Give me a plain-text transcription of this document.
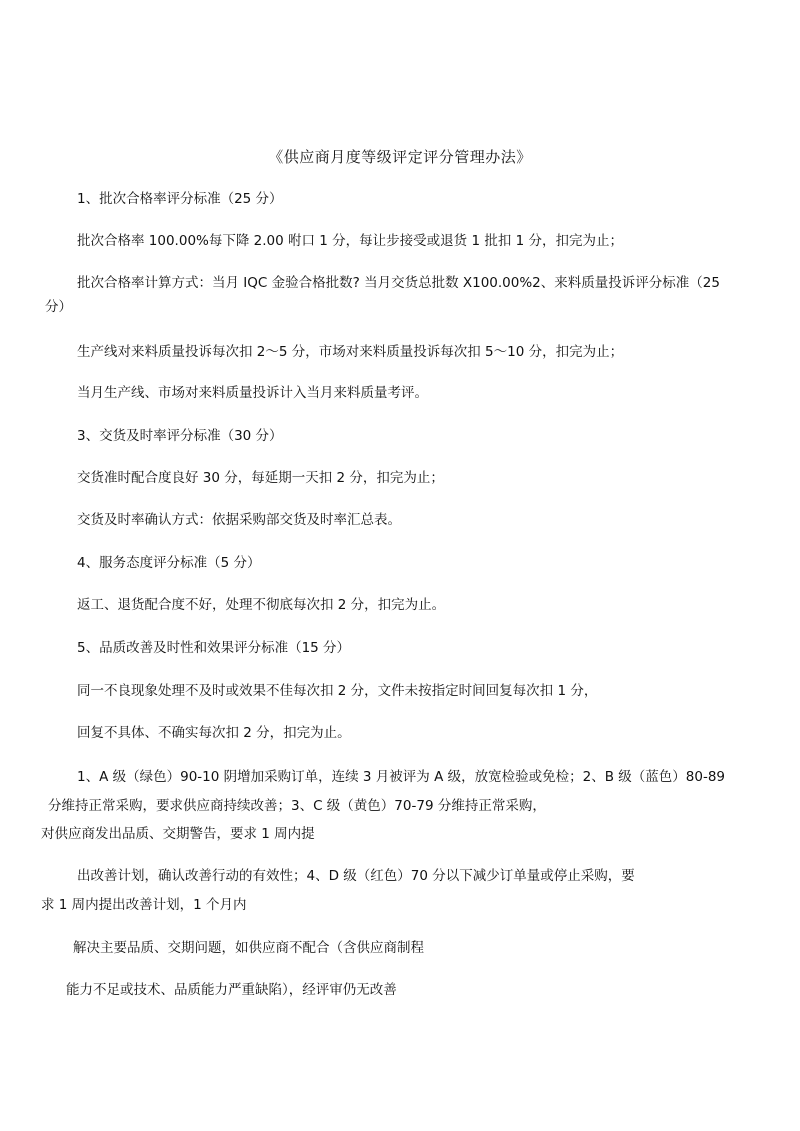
《供应商月度等级评定评分管理办法》
1、批次合格率评分标准（25 分）
批次合格率 100.00%每下降 2.00 咐口 1 分，每让步接受或退货 1 批扣 1 分，扣完为止；
批次合格率计算方式：当月 IQC 金验合格批数? 当月交货总批数 X100.00%2、来料质量投诉评分标准（25
分）
生产线对来料质量投诉每次扣 2～5 分，市场对来料质量投诉每次扣 5～10 分，扣完为止；
当月生产线、市场对来料质量投诉计入当月来料质量考评。
3、交货及时率评分标准（30 分）
交货准时配合度良好 30 分，每延期一天扣 2 分，扣完为止；
交货及时率确认方式：依据采购部交货及时率汇总表。
4、服务态度评分标准（5 分）
返工、退货配合度不好，处理不彻底每次扣 2 分，扣完为止。
5、品质改善及时性和效果评分标准（15 分）
同一不良现象处理不及时或效果不佳每次扣 2 分，文件未按指定时间回复每次扣 1 分，
回复不具体、不确实每次扣 2 分，扣完为止。
1、A 级（绿色）90-10 阴增加采购订单，连续 3 月被评为 A 级，放宽检验或免检；2、B 级（蓝色）80-89
分维持正常采购，要求供应商持续改善；3、C 级（黄色）70-79 分维持正常采购，
对供应商发出品质、交期警告，要求 1 周内提
出改善计划，确认改善行动的有效性；4、D 级（红色）70 分以下减少订单量或停止采购，要
求 1 周内提出改善计划，1 个月内
解决主要品质、交期问题，如供应商不配合（含供应商制程
能力不足或技术、品质能力严重缺陷），经评审仍无改善
